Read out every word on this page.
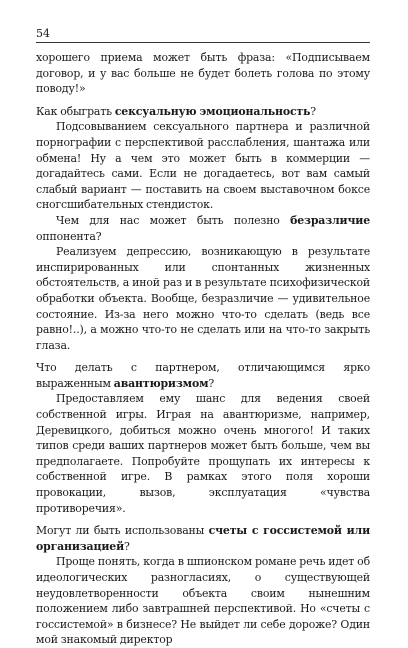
54

хорошего приема может быть фраза: «Подписываем договор, и у вас больше не будет болеть голова по этому поводу!»

Как обыграть сексуальную эмоциональность?

Подсовыванием сексуального партнера и различной порнографии с перспективой расслабления, шантажа или обмена! Ну а чем это может быть в коммерции — догадайтесь сами. Если не догадаетесь, вот вам самый слабый вариант — поставить на своем выставочном боксе сногсшибательных стендисток.

Чем для нас может быть полезно безразличие оппонента?

Реализуем депрессию, возникающую в результате инспирированных или спонтанных жизненных обстоятельств, а иной раз и в результате психофизической обработки объекта. Вообще, безразличие — удивительное состояние. Из-за него можно что-то сделать (ведь все равно!..), а можно что-то не сделать или на что-то закрыть глаза.

Что делать с партнером, отличающимся ярко выраженным авантюризмом?

Предоставляем ему шанс для ведения своей собственной игры. Играя на авантюризме, например, Деревицкого, добиться можно очень многого! И таких типов среди ваших партнеров может быть больше, чем вы предполагаете. Попробуйте прощупать их интересы к собственной игре. В рамках этого поля хороши провокации, вызов, эксплуатация «чувства противоречия».

Могут ли быть использованы счеты с госсистемой или организацией?

Проще понять, когда в шпионском романе речь идет об идеологических разногласиях, о существующей неудовлетворенности объекта своим нынешним положением либо завтрашней перспективой. Но «счеты с госсистемой» в бизнесе? Не выйдет ли себе дороже? Один мой знакомый директор
